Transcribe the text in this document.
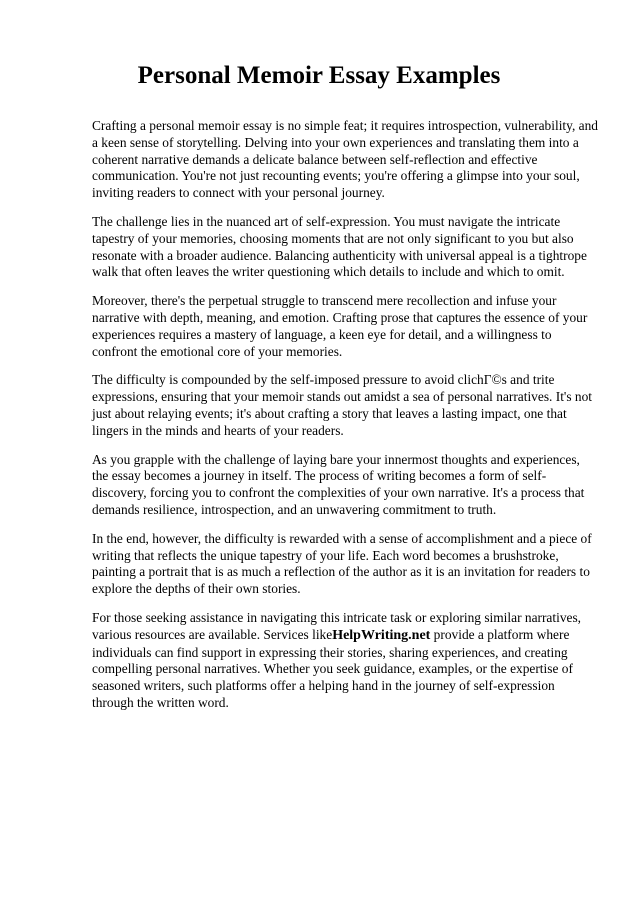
Personal Memoir Essay Examples

Crafting a personal memoir essay is no simple feat; it requires introspection, vulnerability, and a keen sense of storytelling. Delving into your own experiences and translating them into a coherent narrative demands a delicate balance between self-reflection and effective communication. You're not just recounting events; you're offering a glimpse into your soul, inviting readers to connect with your personal journey.

The challenge lies in the nuanced art of self-expression. You must navigate the intricate tapestry of your memories, choosing moments that are not only significant to you but also resonate with a broader audience. Balancing authenticity with universal appeal is a tightrope walk that often leaves the writer questioning which details to include and which to omit.

Moreover, there's the perpetual struggle to transcend mere recollection and infuse your narrative with depth, meaning, and emotion. Crafting prose that captures the essence of your experiences requires a mastery of language, a keen eye for detail, and a willingness to confront the emotional core of your memories.

The difficulty is compounded by the self-imposed pressure to avoid clichГ©s and trite expressions, ensuring that your memoir stands out amidst a sea of personal narratives. It's not just about relaying events; it's about crafting a story that leaves a lasting impact, one that lingers in the minds and hearts of your readers.

As you grapple with the challenge of laying bare your innermost thoughts and experiences, the essay becomes a journey in itself. The process of writing becomes a form of self-discovery, forcing you to confront the complexities of your own narrative. It's a process that demands resilience, introspection, and an unwavering commitment to truth.

In the end, however, the difficulty is rewarded with a sense of accomplishment and a piece of writing that reflects the unique tapestry of your life. Each word becomes a brushstroke, painting a portrait that is as much a reflection of the author as it is an invitation for readers to explore the depths of their own stories.

For those seeking assistance in navigating this intricate task or exploring similar narratives, various resources are available. Services likeHelpWriting.net provide a platform where individuals can find support in expressing their stories, sharing experiences, and creating compelling personal narratives. Whether you seek guidance, examples, or the expertise of seasoned writers, such platforms offer a helping hand in the journey of self-expression through the written word.
